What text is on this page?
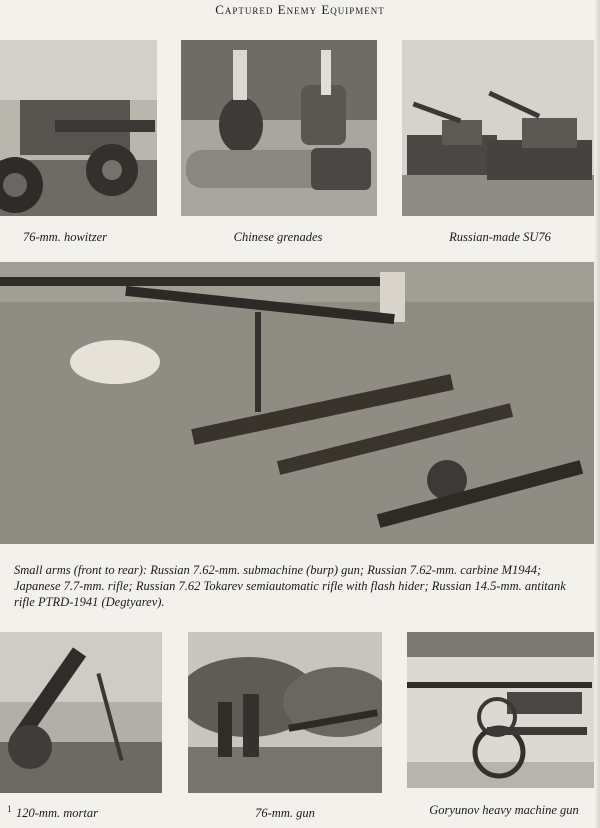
Captured Enemy Equipment
76-mm. howitzer	Chinese grenades	Russian-made SU76
Small arms (front to rear): Russian 7.62-mm. submachine (burp) gun; Russian 7.62-mm. carbine M1944; Japanese 7.7-mm. rifle; Russian 7.62 Tokarev semiautomatic rifle with flash hider; Russian 14.5-mm. antitank rifle PTRD-1941 (Degtyarev).
120-mm. mortar	76-mm. gun	Goryunov heavy machine gun
1
